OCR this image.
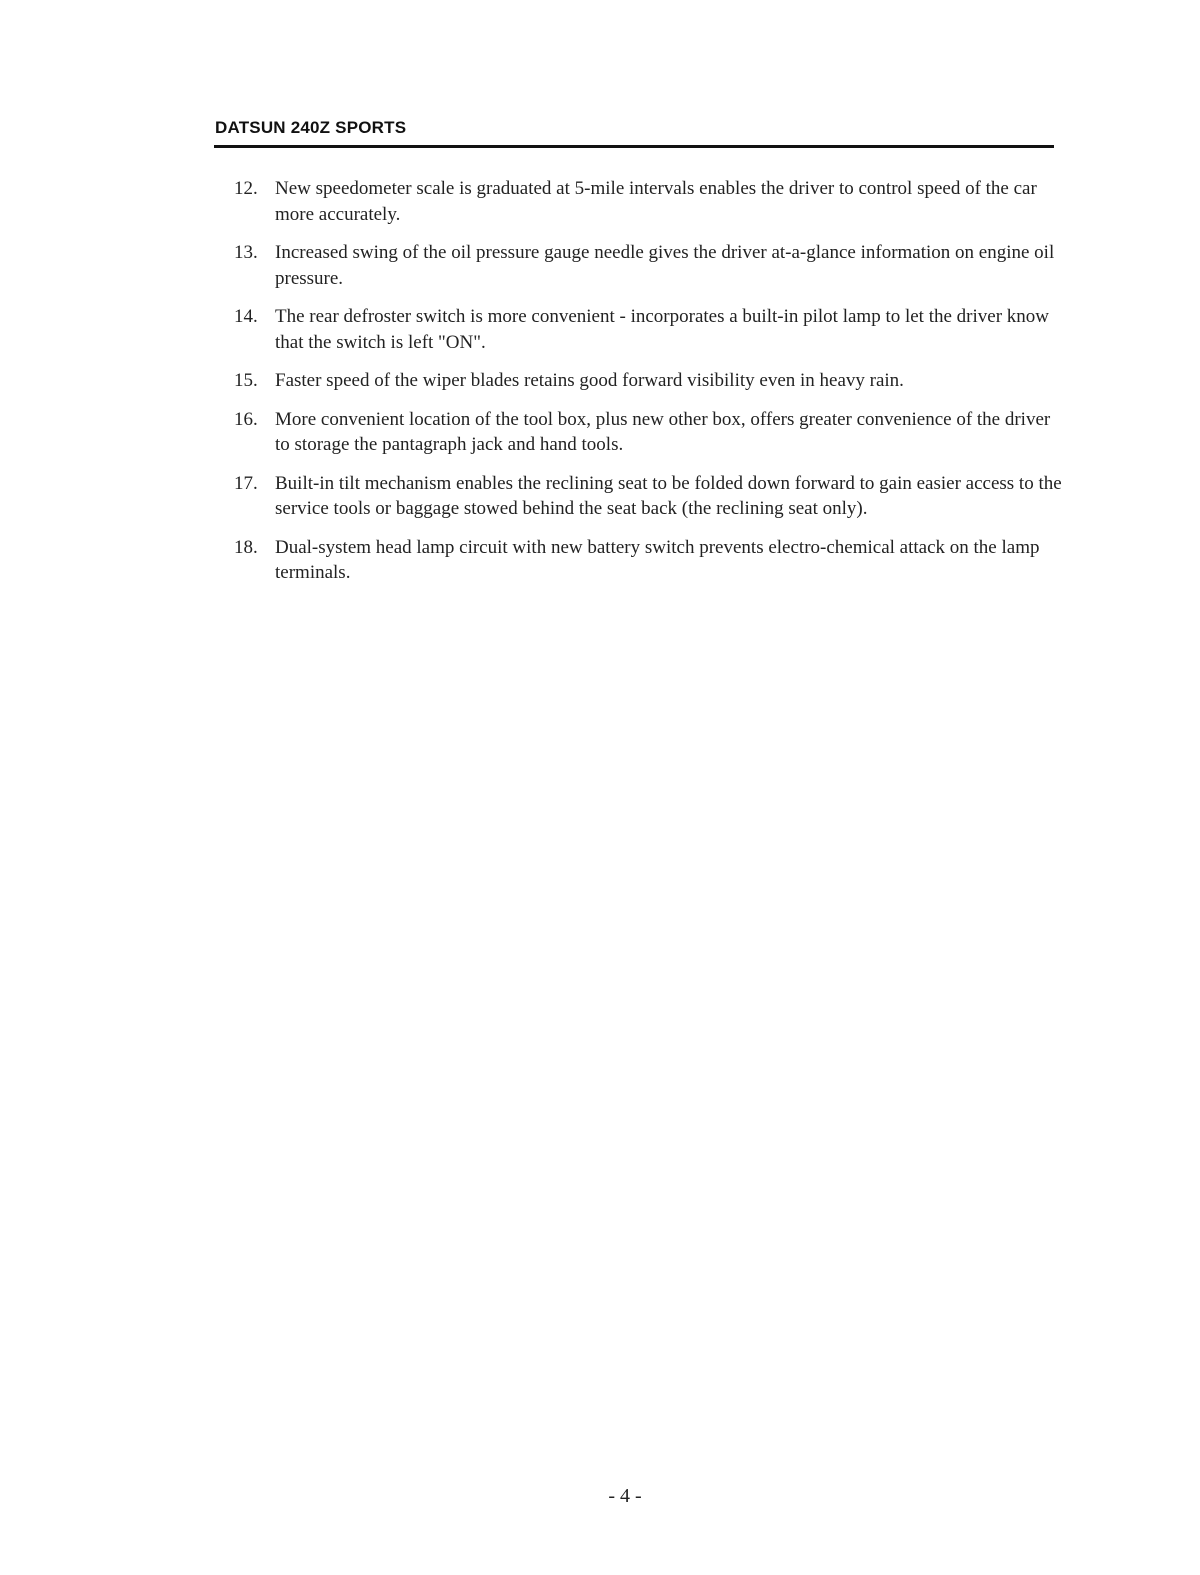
DATSUN 240Z SPORTS
12. New speedometer scale is graduated at 5-mile intervals enables the driver to control speed of the car more accurately.
13. Increased swing of the oil pressure gauge needle gives the driver at-a-glance information on engine oil pressure.
14. The rear defroster switch is more convenient - incorporates a built-in pilot lamp to let the driver know that the switch is left "ON".
15. Faster speed of the wiper blades retains good forward visibility even in heavy rain.
16. More convenient location of the tool box, plus new other box, offers greater convenience of the driver to storage the pantagraph jack and hand tools.
17. Built-in tilt mechanism enables the reclining seat to be folded down forward to gain easier access to the service tools or baggage stowed behind the seat back (the reclining seat only).
18. Dual-system head lamp circuit with new battery switch prevents electro-chemical attack on the lamp terminals.
- 4 -
